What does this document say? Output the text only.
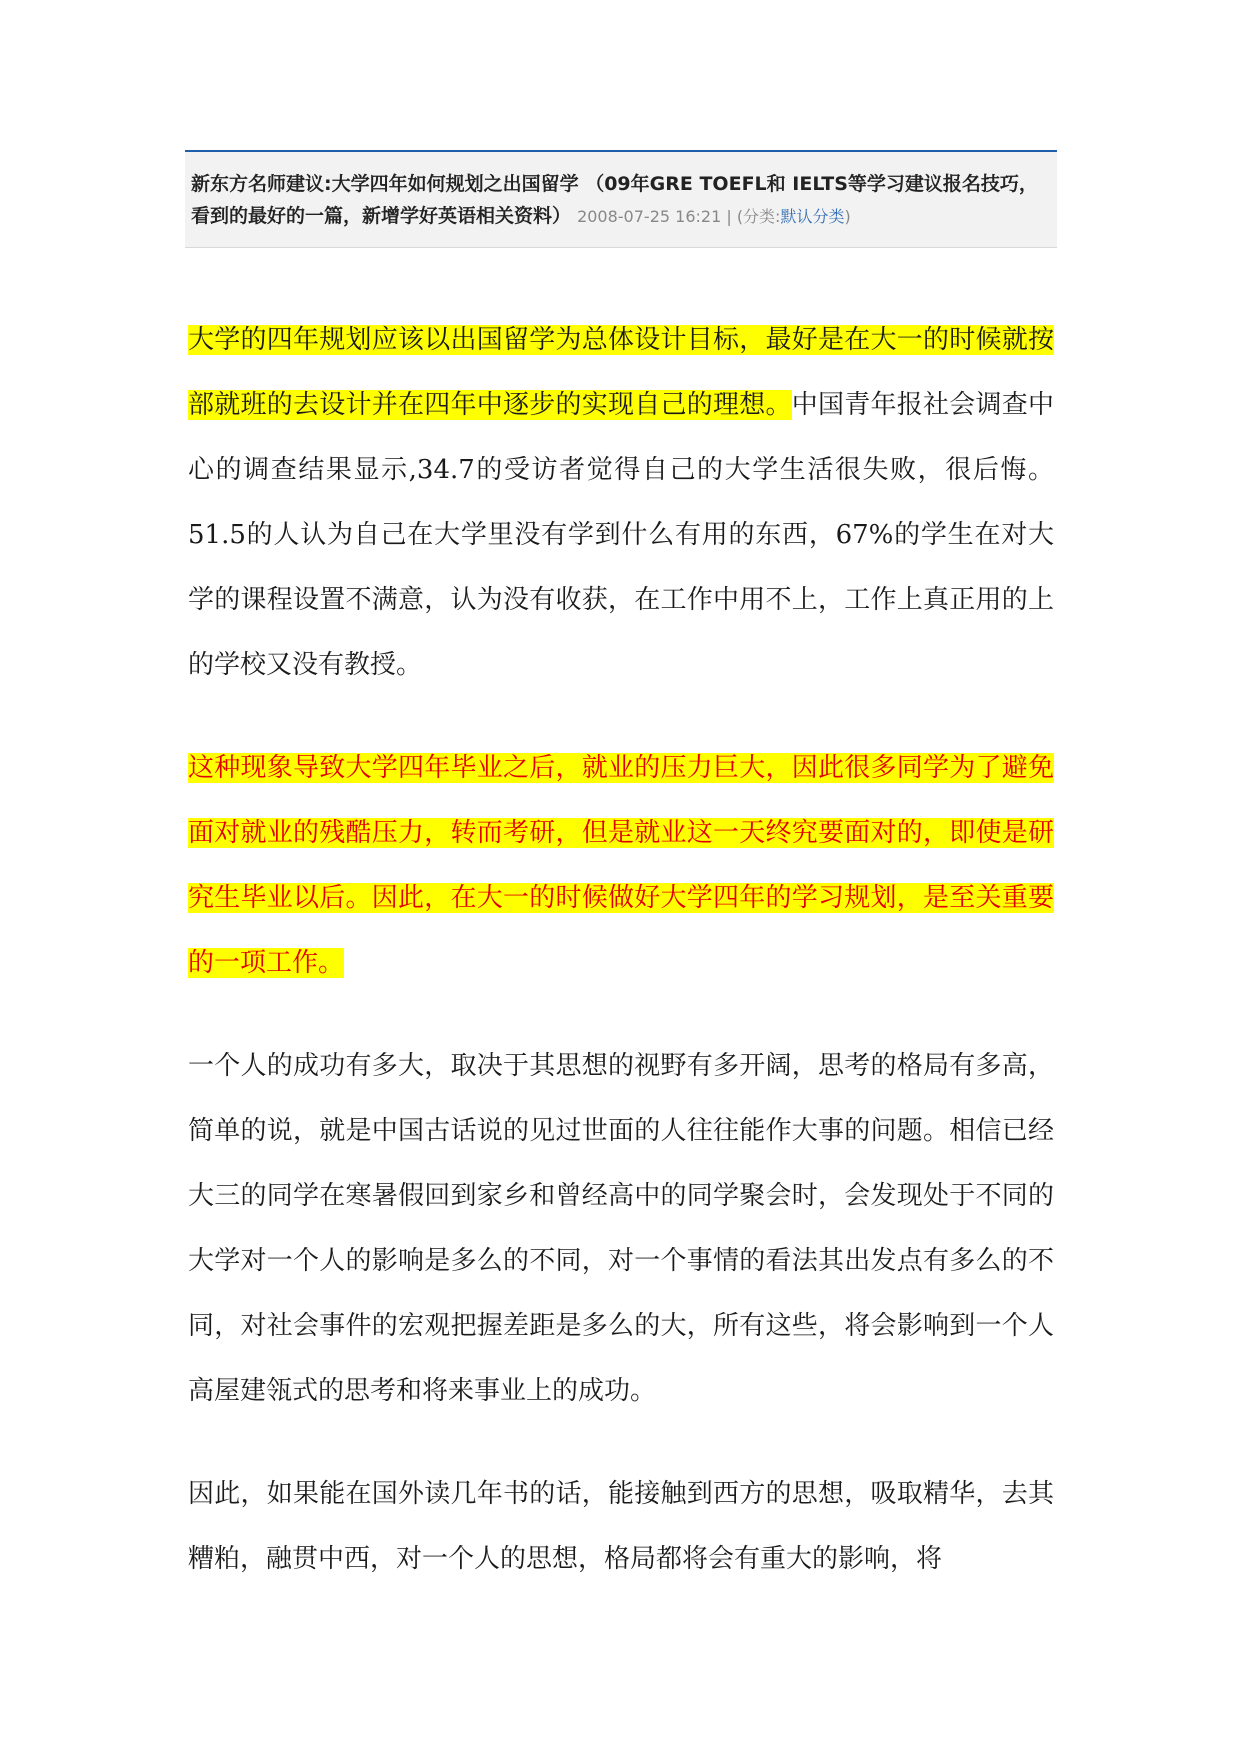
新东方名师建议:大学四年如何规划之出国留学 （09年GRE TOEFL和 IELTS等学习建议报名技巧，看到的最好的一篇，新增学好英语相关资料） 2008-07-25 16:21 | (分类:默认分类)

大学的四年规划应该以出国留学为总体设计目标，最好是在大一的时候就按部就班的去设计并在四年中逐步的实现自己的理想。中国青年报社会调查中心的调查结果显示,34.7的受访者觉得自己的大学生活很失败，很后悔。51.5的人认为自己在大学里没有学到什么有用的东西，67%的学生在对大学的课程设置不满意，认为没有收获，在工作中用不上，工作上真正用的上的学校又没有教授。

这种现象导致大学四年毕业之后，就业的压力巨大，因此很多同学为了避免面对就业的残酷压力，转而考研，但是就业这一天终究要面对的，即使是研究生毕业以后。因此，在大一的时候做好大学四年的学习规划，是至关重要的一项工作。

一个人的成功有多大，取决于其思想的视野有多开阔，思考的格局有多高，简单的说，就是中国古话说的见过世面的人往往能作大事的问题。相信已经大三的同学在寒暑假回到家乡和曾经高中的同学聚会时，会发现处于不同的大学对一个人的影响是多么的不同，对一个事情的看法其出发点有多么的不同，对社会事件的宏观把握差距是多么的大，所有这些，将会影响到一个人高屋建瓴式的思考和将来事业上的成功。

因此，如果能在国外读几年书的话，能接触到西方的思想，吸取精华，去其糟粕，融贯中西，对一个人的思想，格局都将会有重大的影响，将
